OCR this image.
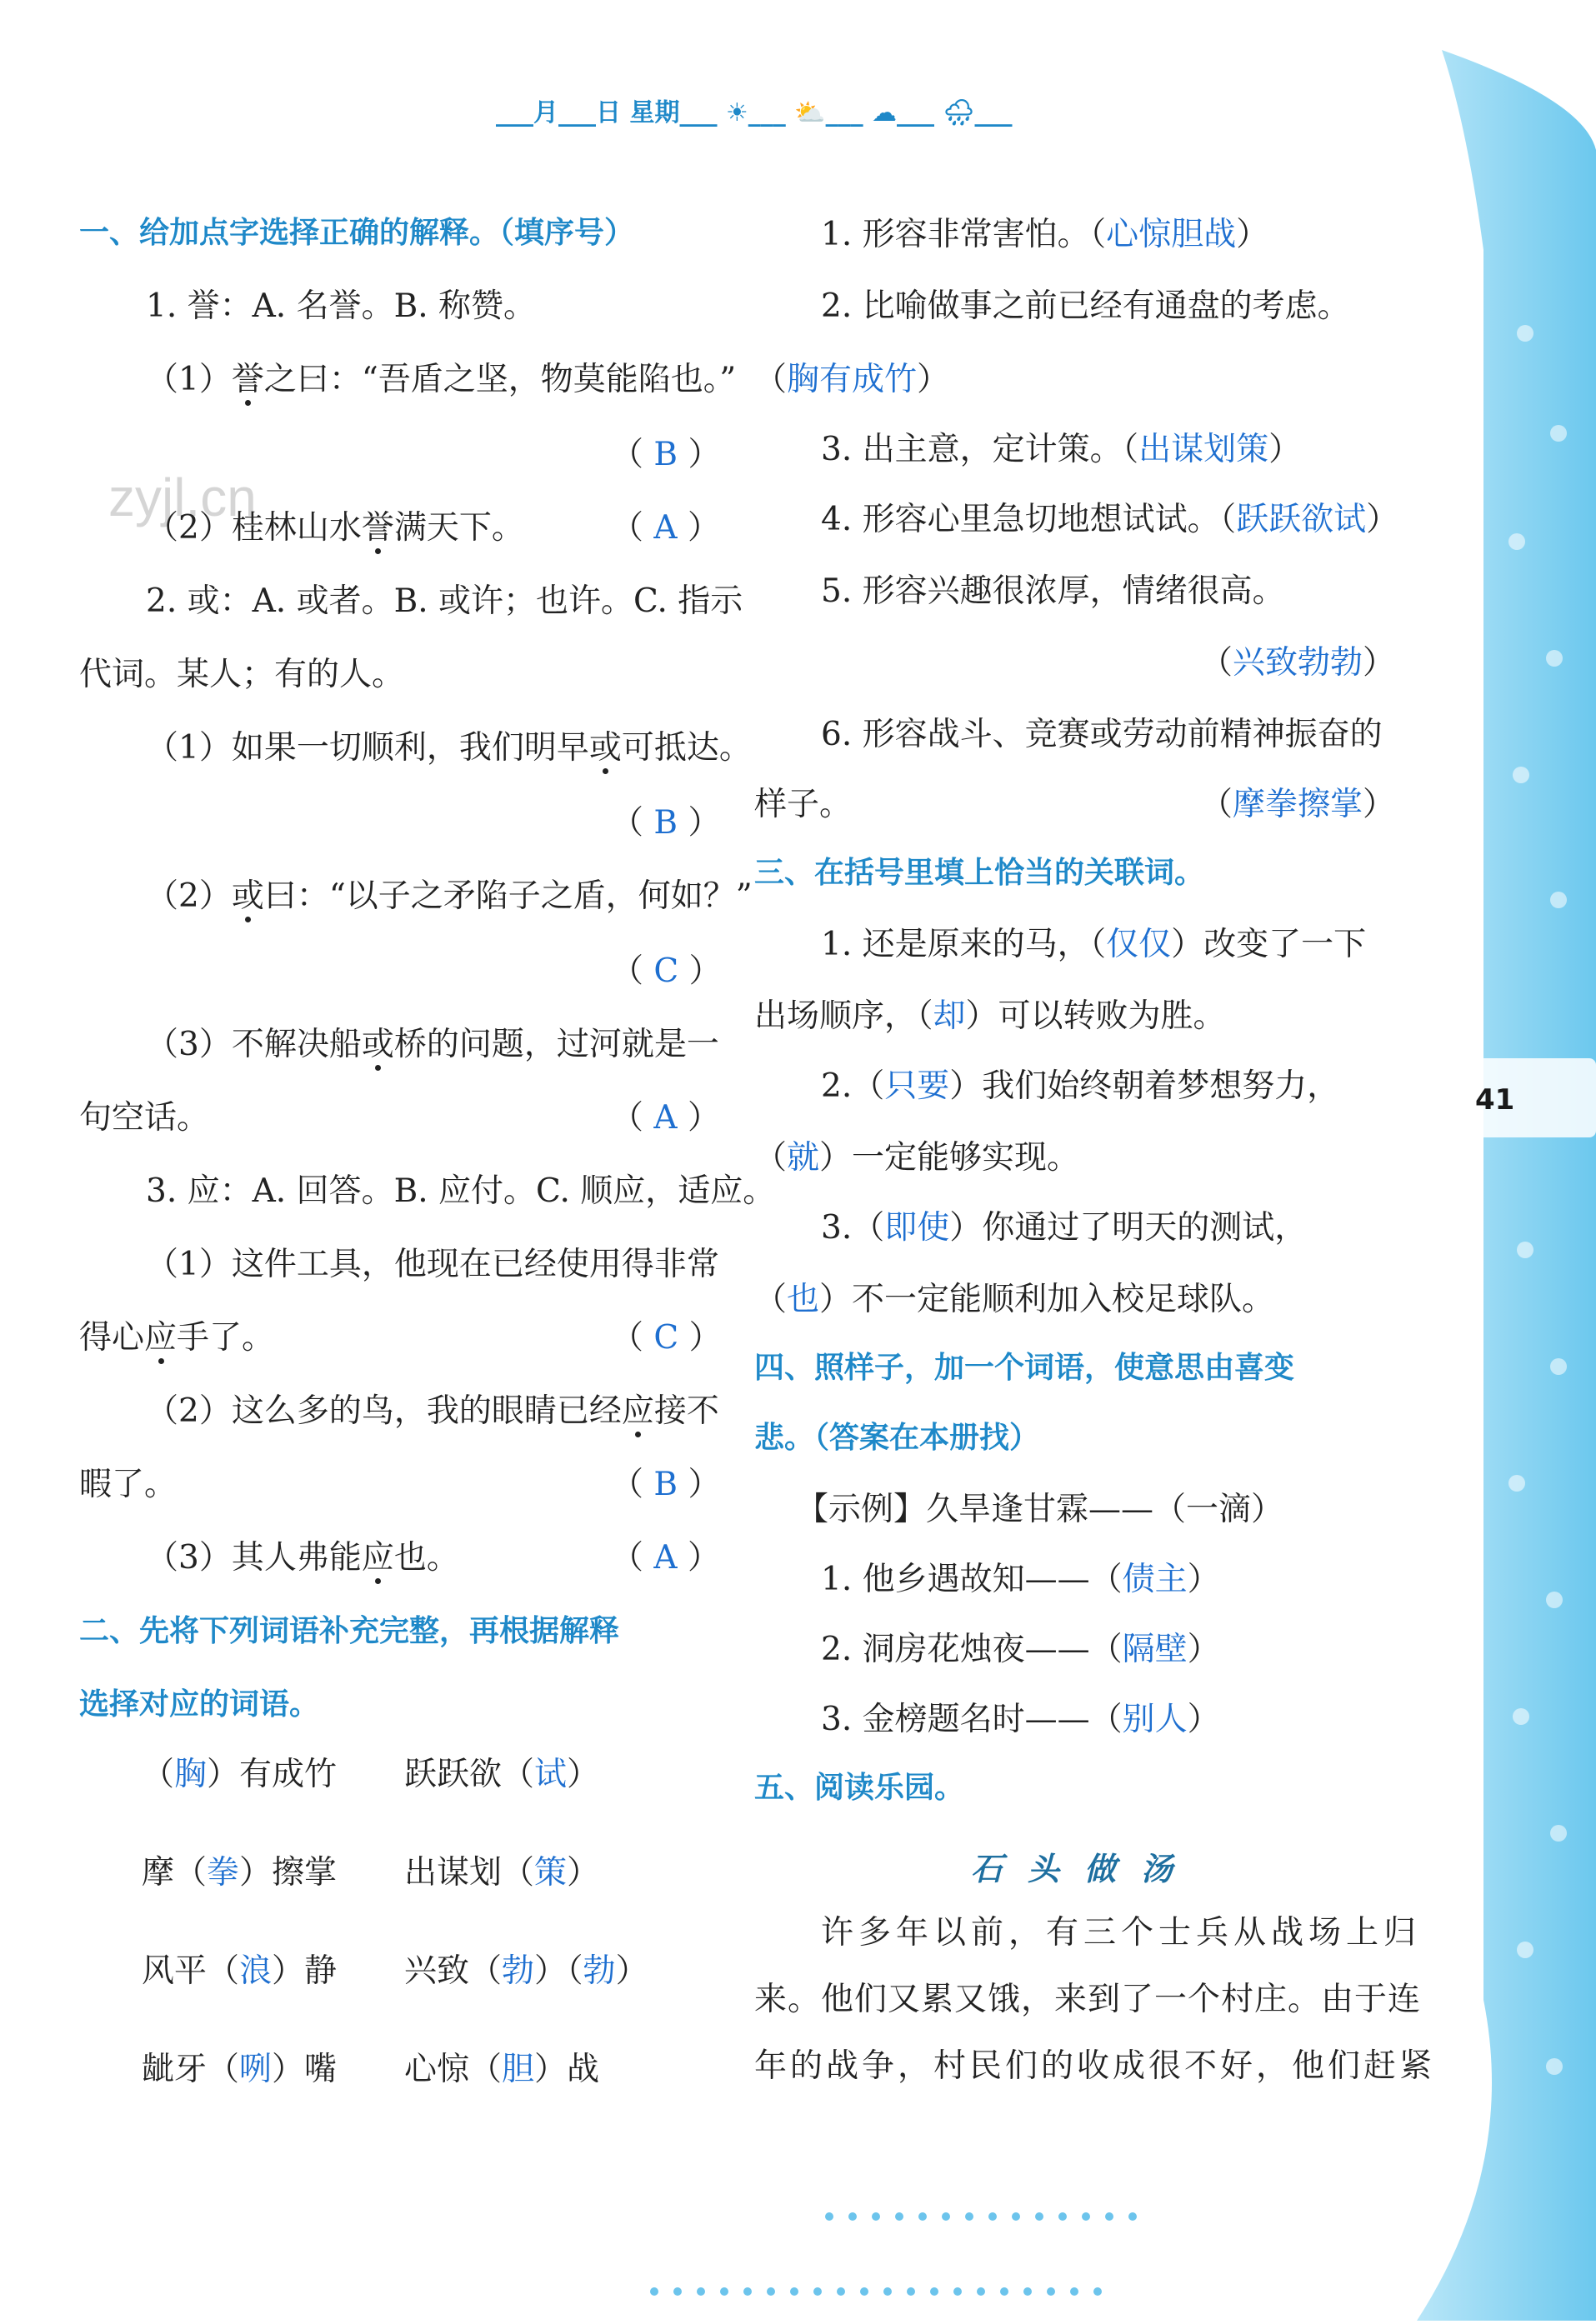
41
___月___日 星期___ ☀___ ⛅___ ☁___ 🌧___
zyjl.cn
一、给加点字选择正确的解释。（填序号）
1. 誉：A. 名誉。B. 称赞。
（1）誉之曰：“吾盾之坚，物莫能陷也。”
（ B ）
（2）桂林山水誉满天下。	（ A ）
2. 或：A. 或者。B. 或许；也许。C. 指示
代词。某人；有的人。
（1）如果一切顺利，我们明早或可抵达。
（ B ）
（2）或曰：“以子之矛陷子之盾，何如？”
（ C ）
（3）不解决船或桥的问题，过河就是一
句空话。	（ A ）
3. 应：A. 回答。B. 应付。C. 顺应，适应。
（1）这件工具，他现在已经使用得非常
得心应手了。	（ C ）
（2）这么多的鸟，我的眼睛已经应接不
暇了。	（ B ）
（3）其人弗能应也。	（ A ）
二、先将下列词语补充完整，再根据解释
选择对应的词语。
（胸）有成竹 跃跃欲（试）
摩（拳）擦掌 出谋划（策）
风平（浪）静 兴致（勃）（勃）
龇牙（咧）嘴 心惊（胆）战
1. 形容非常害怕。（心惊胆战）
2. 比喻做事之前已经有通盘的考虑。
（胸有成竹）
3. 出主意，定计策。（出谋划策）
4. 形容心里急切地想试试。（跃跃欲试）
5. 形容兴趣很浓厚，情绪很高。
（兴致勃勃）
6. 形容战斗、竞赛或劳动前精神振奋的
样子。	（摩拳擦掌）
三、在括号里填上恰当的关联词。
1. 还是原来的马，（仅仅）改变了一下
出场顺序，（却）可以转败为胜。
2.（只要）我们始终朝着梦想努力，
（就）一定能够实现。
3.（即使）你通过了明天的测试，
（也）不一定能顺利加入校足球队。
四、照样子，加一个词语，使意思由喜变
悲。（答案在本册找）
【示例】久旱逢甘霖——（一滴）
1. 他乡遇故知——（债主）
2. 洞房花烛夜——（隔壁）
3. 金榜题名时——（别人）
五、阅读乐园。
石头做汤
许多年以前，有三个士兵从战场上归
来。他们又累又饿，来到了一个村庄。由于连
年的战争，村民们的收成很不好，他们赶紧
